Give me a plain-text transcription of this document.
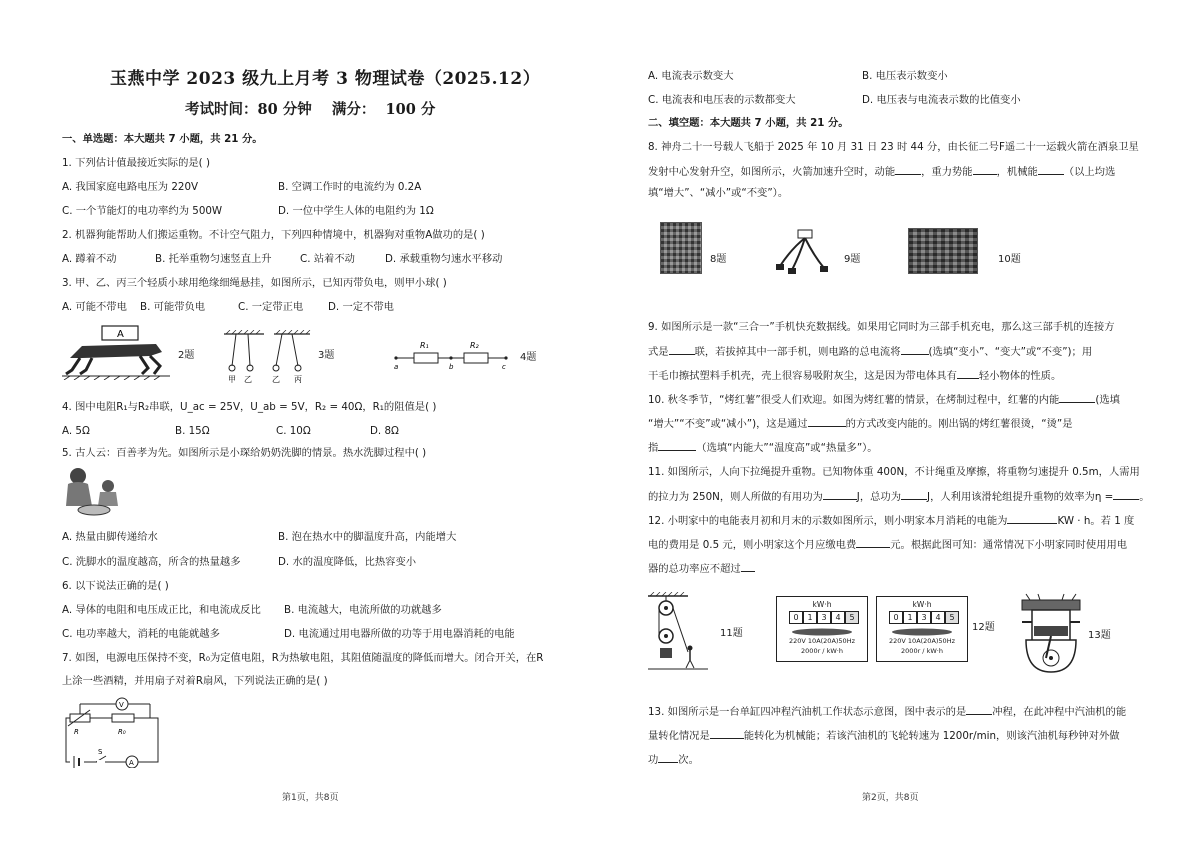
玉燕中学 2023 级九上月考 3 物理试卷（2025.12）
考试时间：80 分钟    满分：  100 分
一、单选题：本大题共 7 小题，共 21 分。
1. 下列估计值最接近实际的是( )
A. 我国家庭电路电压为 220V	B. 空调工作时的电流约为 0.2A
C. 一个节能灯的电功率约为 500W	D. 一位中学生人体的电阻约为 1Ω
2. 机器狗能帮助人们搬运重物。不计空气阻力，下列四种情境中，机器狗对重物A做功的是( )
A. 蹲着不动	B. 托举重物匀速竖直上升	C. 站着不动	D. 承载重物匀速水平移动
3. 甲、乙、丙三个轻质小球用绝缘细绳悬挂，如图所示，已知丙带负电，则甲小球( )
A. 可能不带电 B. 可能带负电	C. 一定带正电 D. 一定不带电
A
2题
甲 乙	乙 丙
3题
R₁	R₂
a	b	c
4题
4. 图中电阻R₁与R₂串联，U_ac = 25V，U_ab = 5V，R₂ = 40Ω，R₁的阻值是( )
A. 5Ω	B. 15Ω	C. 10Ω	D. 8Ω
5. 古人云：百善孝为先。如图所示是小琛给奶奶洗脚的情景。热水洗脚过程中( )
A. 热量由脚传递给水	B. 泡在热水中的脚温度升高，内能增大
C. 洗脚水的温度越高，所含的热量越多	D. 水的温度降低，比热容变小
6. 以下说法正确的是( )
A. 导体的电阻和电压成正比，和电流成反比 B. 电流越大，电流所做的功就越多
C. 电功率越大，消耗的电能就越多	D. 电流通过用电器所做的功等于用电器消耗的电能
7. 如图，电源电压保持不变，R₀为定值电阻，R为热敏电阻，其阻值随温度的降低而增大。闭合开关，在R
上涂一些酒精，并用扇子对着R扇风，下列说法正确的是( )
V
R	R₀
S
A
第1页，共8页
A. 电流表示数变大	B. 电压表示数变小
C. 电流表和电压表的示数都变大	D. 电压表与电流表示数的比值变小
二、填空题：本大题共 7 小题，共 21 分。
8. 神舟二十一号载人飞船于 2025 年 10 月 31 日 23 时 44 分，由长征二号F遥二十一运载火箭在酒泉卫星
发射中心发射升空，如图所示，火箭加速升空时，动能	，重力势能 ，机械能	（以上均选
填“增大”、“减小”或“不变”）。
8题	9题	10题
9. 如图所示是一款“三合一”手机快充数据线。如果用它同时为三部手机充电，那么这三部手机的连接方
式是	联，若拔掉其中一部手机，则电路的总电流将	(选填“变小”、“变大”或“不变”)；用
干毛巾擦拭塑料手机壳，壳上很容易吸附灰尘，这是因为带电体具有 轻小物体的性质。
10. 秋冬季节，“烤红薯”很受人们欢迎。如图为烤红薯的情景，在烤制过程中，红薯的内能	(选填
“增大”“不变”或“减小”)，这是通过	的方式改变内能的。刚出锅的烤红薯很烫，“烫”是
指	（选填“内能大”“温度高”或“热量多”）。
11. 如图所示，人向下拉绳提升重物。已知物体重 400N，不计绳重及摩擦，将重物匀速提升 0.5m，人需用
的拉力为 250N，则人所做的有用功为	J，总功为	J，人利用该滑轮组提升重物的效率为η =	。
12. 小明家中的电能表月初和月末的示数如图所示，则小明家本月消耗的电能为	KW · h。若 1 度
电的费用是 0.5 元，则小明家这个月应缴电费	元。根据此图可知：通常情况下小明家同时使用用电
器的总功率应不超过
11题
kW·h
0	1	3	4	5
220V 10A(20A)50Hz
2000r / kW·h
kW·h
0	1	3	4	5
220V 10A(20A)50Hz
2000r / kW·h
12题
13题
13. 如图所示是一台单缸四冲程汽油机工作状态示意图，图中表示的是	冲程，在此冲程中汽油机的能
量转化情况是	能转化为机械能；若该汽油机的飞轮转速为 1200r/min，则该汽油机每秒钟对外做
功 次。
第2页，共8页
